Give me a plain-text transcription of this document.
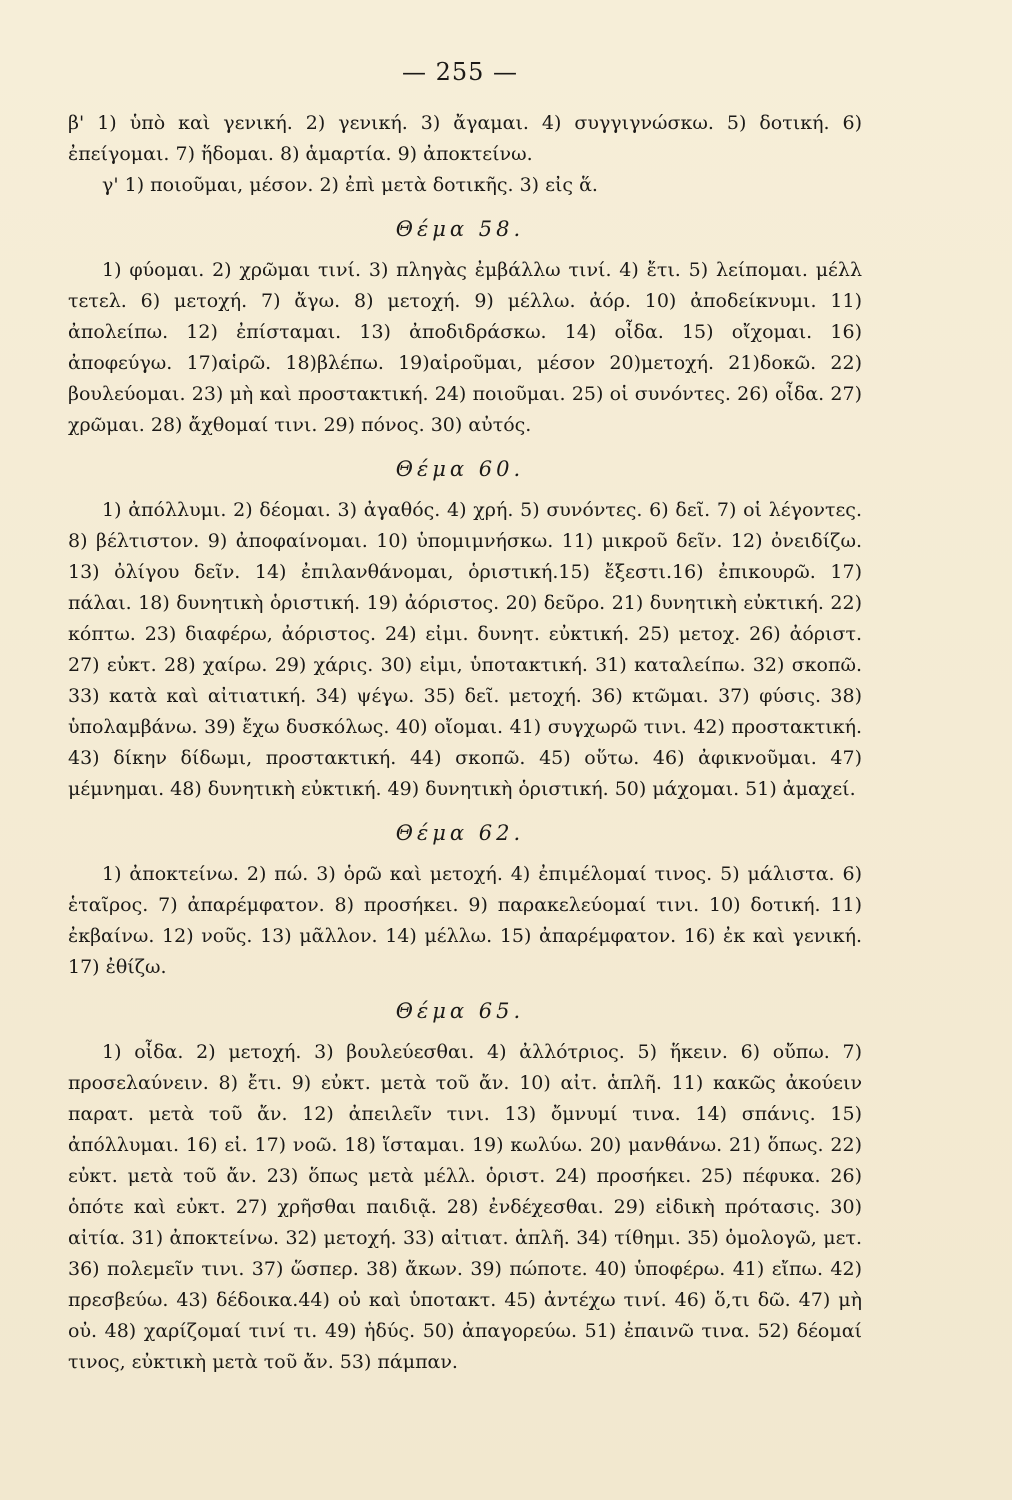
— 255 —

β' 1) ὑπὸ καὶ γενική. 2) γενική. 3) ἄγαμαι. 4) συγγιγνώσκω. 5) δοτική. 6) ἐπείγομαι. 7) ἥδομαι. 8) ἁμαρτία. 9) ἀποκτείνω.

γ' 1) ποιοῦμαι, μέσον. 2) ἐπὶ μετὰ δοτικῆς. 3) εἰς ἅ.

Θέμα 58.

1) φύομαι. 2) χρῶμαι τινί. 3) πληγὰς ἐμβάλλω τινί. 4) ἔτι. 5) λείπομαι. μέλλ τετελ. 6) μετοχή. 7) ἄγω. 8) μετοχή. 9) μέλλω. ἀόρ. 10) ἀποδείκνυμι. 11) ἀπολείπω. 12) ἐπίσταμαι. 13) ἀποδιδράσκω. 14) οἶδα. 15) οἴχομαι. 16) ἀποφεύγω. 17)αἱρῶ. 18)βλέπω. 19)αἱροῦμαι, μέσον 20)μετοχή. 21)δοκῶ. 22) βουλεύομαι. 23) μὴ καὶ προστακτική. 24) ποιοῦμαι. 25) οἱ συνόντες. 26) οἶδα. 27) χρῶμαι. 28) ἄχθομαί τινι. 29) πόνος. 30) αὐτός.

Θέμα 60.

1) ἀπόλλυμι. 2) δέομαι. 3) ἀγαθός. 4) χρή. 5) συνόντες. 6) δεῖ. 7) οἱ λέγοντες. 8) βέλτιστον. 9) ἀποφαίνομαι. 10) ὑπομιμνήσκω. 11) μικροῦ δεῖν. 12) ὀνειδίζω. 13) ὀλίγου δεῖν. 14) ἐπιλανθάνομαι, ὁριστική.15) ἔξεστι.16) ἐπικουρῶ. 17) πάλαι. 18) δυνητικὴ ὁριστική. 19) ἀόριστος. 20) δεῦρο. 21) δυνητικὴ εὐκτική. 22) κόπτω. 23) διαφέρω, ἀόριστος. 24) εἰμι. δυνητ. εὐκτική. 25) μετοχ. 26) ἀόριστ. 27) εὐκτ. 28) χαίρω. 29) χάρις. 30) εἰμι, ὑποτακτική. 31) καταλείπω. 32) σκοπῶ. 33) κατὰ καὶ αἰτιατική. 34) ψέγω. 35) δεῖ. μετοχή. 36) κτῶμαι. 37) φύσις. 38) ὑπολαμβάνω. 39) ἔχω δυσκόλως. 40) οἴομαι. 41) συγχωρῶ τινι. 42) προστακτική. 43) δίκην δίδωμι, προστακτική. 44) σκοπῶ. 45) οὕτω. 46) ἀφικνοῦμαι. 47) μέμνημαι. 48) δυνητικὴ εὐκτική. 49) δυνητικὴ ὁριστική. 50) μάχομαι. 51) ἀμαχεί.

Θέμα 62.

1) ἀποκτείνω. 2) πώ. 3) ὁρῶ καὶ μετοχή. 4) ἐπιμέλομαί τινος. 5) μάλιστα. 6) ἑταῖρος. 7) ἀπαρέμφατον. 8) προσήκει. 9) παρακελεύομαί τινι. 10) δοτική. 11) ἐκβαίνω. 12) νοῦς. 13) μᾶλλον. 14) μέλλω. 15) ἀπαρέμφατον. 16) ἐκ καὶ γενική. 17) ἐθίζω.

Θέμα 65.

1) οἶδα. 2) μετοχή. 3) βουλεύεσθαι. 4) ἀλλότριος. 5) ἥκειν. 6) οὔπω. 7) προσελαύνειν. 8) ἔτι. 9) εὐκτ. μετὰ τοῦ ἄν. 10) αἰτ. ἁπλῆ. 11) κακῶς ἀκούειν παρατ. μετὰ τοῦ ἄν. 12) ἀπειλεῖν τινι. 13) ὄμνυμί τινα. 14) σπάνις. 15) ἀπόλλυμαι. 16) εἰ. 17) νοῶ. 18) ἵσταμαι. 19) κωλύω. 20) μανθάνω. 21) ὅπως. 22) εὐκτ. μετὰ τοῦ ἄν. 23) ὅπως μετὰ μέλλ. ὁριστ. 24) προσήκει. 25) πέφυκα. 26) ὁπότε καὶ εὐκτ. 27) χρῆσθαι παιδιᾷ. 28) ἐνδέχεσθαι. 29) εἰδικὴ πρότασις. 30) αἰτία. 31) ἀποκτείνω. 32) μετοχή. 33) αἰτιατ. ἁπλῆ. 34) τίθημι. 35) ὁμολογῶ, μετ. 36) πολεμεῖν τινι. 37) ὥσπερ. 38) ἄκων. 39) πώποτε. 40) ὑποφέρω. 41) εἴπω. 42) πρεσβεύω. 43) δέδοικα.44) οὐ καὶ ὑποτακτ. 45) ἀντέχω τινί. 46) ὅ,τι δῶ. 47) μὴ οὐ. 48) χαρίζομαί τινί τι. 49) ἡδύς. 50) ἀπαγορεύω. 51) ἐπαινῶ τινα. 52) δέομαί τινος, εὐκτικὴ μετὰ τοῦ ἄν. 53) πάμπαν.
